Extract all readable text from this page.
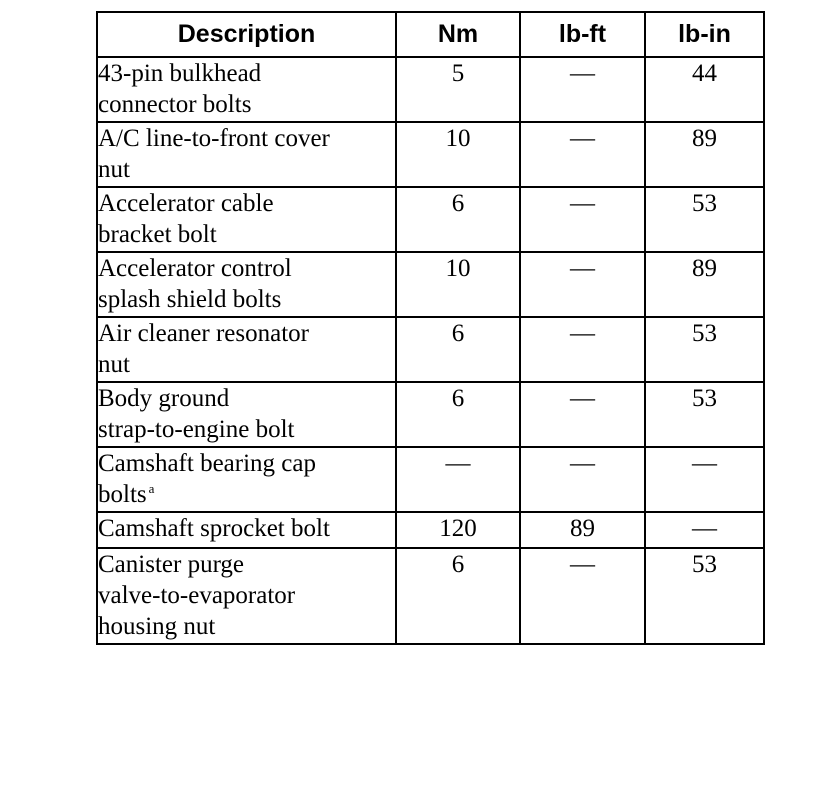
Description	Nm	lb-ft	lb-in
43-pin bulkhead
connector bolts	5	—	44
A/C line-to-front cover
nut	10	—	89
Accelerator cable
bracket bolt	6	—	53
Accelerator control
splash shield bolts	10	—	89
Air cleaner resonator
nut	6	—	53
Body ground
strap-to-engine bolt	6	—	53
Camshaft bearing cap
bolts $^a$	—	—	—
Camshaft sprocket bolt	120	89	—
Canister purge
valve-to-evaporator
housing nut	6	—	53
